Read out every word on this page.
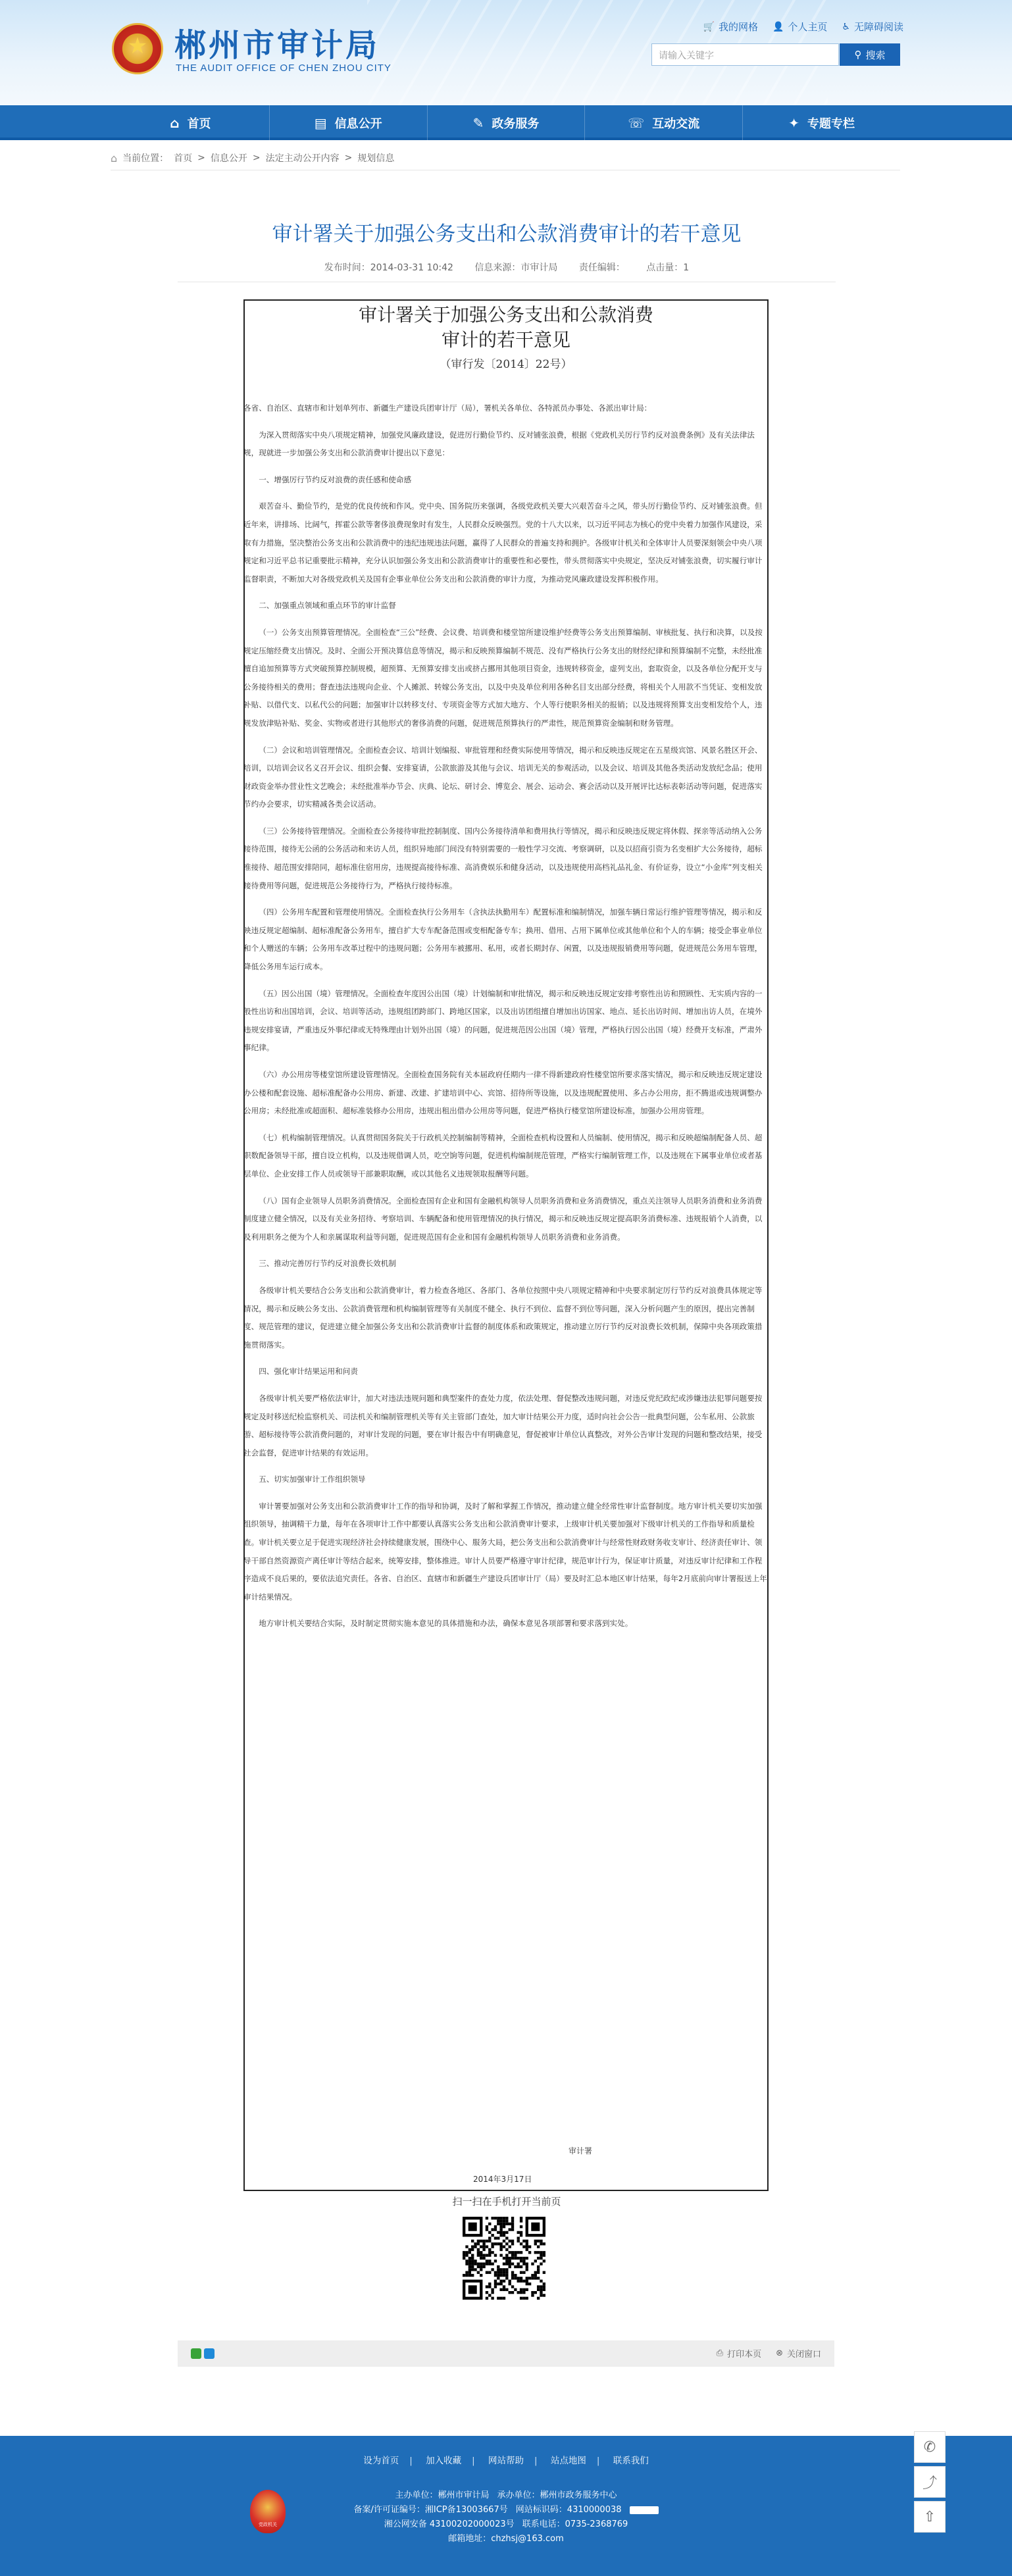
★
郴州市审计局
THE AUDIT OFFICE OF CHEN ZHOU CITY
🛒 我的网格 👤 个人主页 ♿ 无障碍阅读
请输入关键字	⚲ 搜索
⌂ 首页	▤ 信息公开	✎ 政务服务	☏ 互动交流	✦ 专题专栏
⌂ 当前位置： 首页 > 信息公开 > 法定主动公开内容 > 规划信息
审计署关于加强公务支出和公款消费审计的若干意见
发布时间：2014-03-31 10:42 信息来源：市审计局 责任编辑： 点击量：1
审计署关于加强公务支出和公款消费
审计的若干意见
（审行发〔2014〕22号）

各省、自治区、直辖市和计划单列市、新疆生产建设兵团审计厅（局），署机关各单位、各特派员办事处、各派出审计局：

为深入贯彻落实中央八项规定精神，加强党风廉政建设，促进厉行勤俭节约、反对铺张浪费，根据《党政机关厉行节约反对浪费条例》及有关法律法规，现就进一步加强公务支出和公款消费审计提出以下意见：

一、增强厉行节约反对浪费的责任感和使命感

艰苦奋斗、勤俭节约，是党的优良传统和作风。党中央、国务院历来强调，各级党政机关要大兴艰苦奋斗之风，带头厉行勤俭节约、反对铺张浪费。但近年来，讲排场、比阔气，挥霍公款等奢侈浪费现象时有发生，人民群众反映强烈。党的十八大以来，以习近平同志为核心的党中央着力加强作风建设，采取有力措施，坚决整治公务支出和公款消费中的违纪违规违法问题，赢得了人民群众的普遍支持和拥护。各级审计机关和全体审计人员要深刻领会中央八项规定和习近平总书记重要批示精神，充分认识加强公务支出和公款消费审计的重要性和必要性，带头贯彻落实中央规定，坚决反对铺张浪费，切实履行审计监督职责，不断加大对各级党政机关及国有企事业单位公务支出和公款消费的审计力度，为推动党风廉政建设发挥积极作用。

二、加强重点领域和重点环节的审计监督

（一）公务支出预算管理情况。全面检查“三公”经费、会议费、培训费和楼堂馆所建设维护经费等公务支出预算编制、审核批复、执行和决算，以及按规定压缩经费支出情况。及时、全面公开预决算信息等情况，揭示和反映预算编制不规范、没有严格执行公务支出的财经纪律和预算编制不完整，未经批准擅自追加预算等方式突破预算控制规模，超预算、无预算安排支出或挤占挪用其他项目资金，违规转移资金，虚列支出，套取资金，以及各单位分配开支与公务接待相关的费用；督查违法违规向企业、个人摊派、转嫁公务支出，以及中央及单位利用各种名目支出部分经费，将相关个人用款不当凭证、变相发放补贴、以借代支、以私代公的问题；加强审计以转移支付、专项资金等方式加大地方、个人等行使职务相关的报销；以及违规将预算支出变相发给个人，违规发放津贴补贴、奖金、实物或者进行其他形式的奢侈消费的问题，促进规范预算执行的严肃性，规范预算资金编制和财务管理。

（二）会议和培训管理情况。全面检查会议、培训计划编报、审批管理和经费实际使用等情况，揭示和反映违反规定在五星级宾馆、风景名胜区开会、培训，以培训会议名义召开会议、组织会餐、安排宴请，公款旅游及其他与会议、培训无关的参观活动，以及会议、培训及其他各类活动发放纪念品；使用财政资金举办营业性文艺晚会；未经批准举办节会、庆典、论坛、研讨会、博览会、展会、运动会、赛会活动以及开展评比达标表彰活动等问题，促进落实节约办会要求，切实精减各类会议活动。

（三）公务接待管理情况。全面检查公务接待审批控制制度、国内公务接待清单和费用执行等情况，揭示和反映违反规定将休假、探亲等活动纳入公务接待范围，接待无公函的公务活动和来访人员，组织异地部门间没有特别需要的一般性学习交流、考察调研，以及以招商引资为名变相扩大公务接待，超标准接待、超范围安排陪同，超标准住宿用房，违规提高接待标准、高消费娱乐和健身活动，以及违规使用高档礼品礼金、有价证券，设立“小金库”列支相关接待费用等问题，促进规范公务接待行为，严格执行接待标准。

（四）公务用车配置和管理使用情况。全面检查执行公务用车（含执法执勤用车）配置标准和编制情况，加强车辆日常运行维护管理等情况，揭示和反映违反规定超编制、超标准配备公务用车，擅自扩大专车配备范围或变相配备专车；换用、借用、占用下属单位或其他单位和个人的车辆；接受企事业单位和个人赠送的车辆；公务用车改革过程中的违规问题；公务用车被挪用、私用，或者长期封存、闲置，以及违规报销费用等问题，促进规范公务用车管理，降低公务用车运行成本。

（五）因公出国（境）管理情况。全面检查年度因公出国（境）计划编制和审批情况，揭示和反映违反规定安排考察性出访和照顾性、无实质内容的一般性出访和出国培训，会议、培训等活动，违规组团跨部门、跨地区国家，以及出访团组擅自增加出访国家、地点、延长出访时间、增加出访人员，在境外违规安排宴请，严重违反外事纪律或无特殊理由计划外出国（境）的问题，促进规范因公出国（境）管理，严格执行因公出国（境）经费开支标准，严肃外事纪律。

（六）办公用房等楼堂馆所建设管理情况。全面检查国务院有关本届政府任期内一律不得新建政府性楼堂馆所要求落实情况，揭示和反映违反规定建设办公楼和配套设施、超标准配备办公用房、新建、改建、扩建培训中心、宾馆、招待所等设施，以及违规配置使用、多占办公用房，拒不腾退或违规调整办公用房；未经批准或超面积、超标准装修办公用房，违规出租出借办公用房等问题，促进严格执行楼堂馆所建设标准，加强办公用房管理。

（七）机构编制管理情况。认真贯彻国务院关于行政机关控制编制等精神，全面检查机构设置和人员编制、使用情况，揭示和反映超编制配备人员、超职数配备领导干部，擅自设立机构，以及违规借调人员，吃空饷等问题，促进机构编制规范管理，严格实行编制管理工作，以及违规在下属事业单位或者基层单位、企业安排工作人员或领导干部兼职取酬，或以其他名义违规领取报酬等问题。

（八）国有企业领导人员职务消费情况。全面检查国有企业和国有金融机构领导人员职务消费和业务消费情况，重点关注领导人员职务消费和业务消费制度建立健全情况，以及有关业务招待、考察培训、车辆配备和使用管理情况的执行情况，揭示和反映违反规定提高职务消费标准、违规报销个人消费，以及利用职务之便为个人和亲属谋取利益等问题，促进规范国有企业和国有金融机构领导人员职务消费和业务消费。

三、推动完善厉行节约反对浪费长效机制

各级审计机关要结合公务支出和公款消费审计，着力检查各地区、各部门、各单位按照中央八项规定精神和中央要求制定厉行节约反对浪费具体规定等情况，揭示和反映公务支出、公款消费管理和机构编制管理等有关制度不健全、执行不到位、监督不到位等问题，深入分析问题产生的原因，提出完善制度、规范管理的建议，促进建立健全加强公务支出和公款消费审计监督的制度体系和政策规定，推动建立厉行节约反对浪费长效机制，保障中央各项政策措施贯彻落实。

四、强化审计结果运用和问责

各级审计机关要严格依法审计，加大对违法违规问题和典型案件的查处力度，依法处理、督促整改违规问题，对违反党纪政纪或涉嫌违法犯罪问题要按规定及时移送纪检监察机关、司法机关和编制管理机关等有关主管部门查处，加大审计结果公开力度，适时向社会公告一批典型问题，公车私用、公款旅游、超标接待等公款消费问题的，对审计发现的问题，要在审计报告中有明确意见，督促被审计单位认真整改，对外公告审计发现的问题和整改结果，接受社会监督，促进审计结果的有效运用。

五、切实加强审计工作组织领导

审计署要加强对公务支出和公款消费审计工作的指导和协调，及时了解和掌握工作情况，推动建立健全经常性审计监督制度。地方审计机关要切实加强组织领导，抽调精干力量，每年在各项审计工作中都要认真落实公务支出和公款消费审计要求，上级审计机关要加强对下级审计机关的工作指导和质量检查。审计机关要立足于促进实现经济社会持续健康发展，围绕中心、服务大局，把公务支出和公款消费审计与经常性财政财务收支审计、经济责任审计、领导干部自然资源资产离任审计等结合起来，统筹安排，整体推进。审计人员要严格遵守审计纪律，规范审计行为，保证审计质量，对违反审计纪律和工作程序造成不良后果的，要依法追究责任。各省、自治区、直辖市和新疆生产建设兵团审计厅（局）要及时汇总本地区审计结果，每年2月底前向审计署报送上年审计结果情况。

地方审计机关要结合实际，及时制定贯彻实施本意见的具体措施和办法，确保本意见各项部署和要求落到实处。

审计署
2014年3月17日
扫一扫在手机打开当前页
⎙ 打印本页 ⊗ 关闭窗口
设为首页 | 加入收藏 | 网站帮助 | 站点地图 | 联系我们
党政机关
主办单位：郴州市审计局 承办单位：郴州市政务服务中心
备案/许可证编号：湘ICP备13003667号 网站标识码：4310000038
湘公网安备 43100202000023号 联系电话：0735-2368769
邮箱地址：chzhsj@163.com
✆
⤴
⇧
